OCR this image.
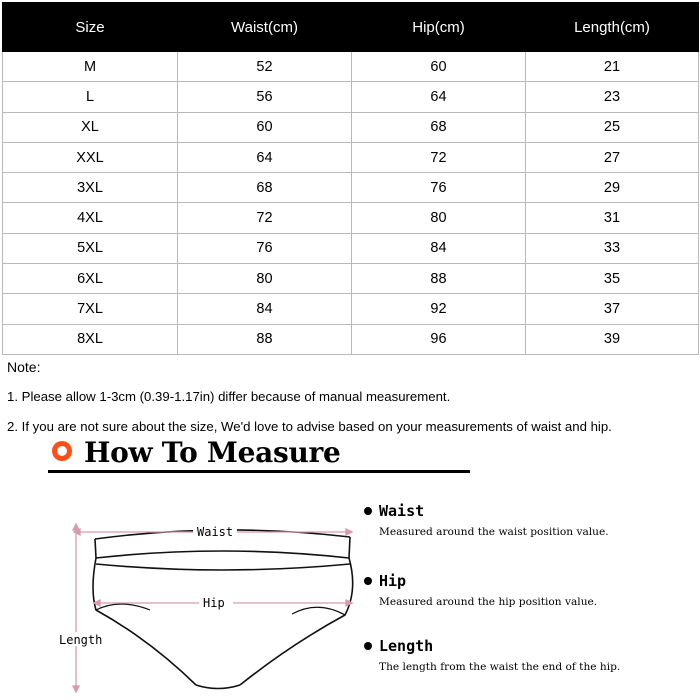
Size	Waist(cm)	Hip(cm)	Length(cm)
M	52	60	21
L	56	64	23
XL	60	68	25
XXL	64	72	27
3XL	68	76	29
4XL	72	80	31
5XL	76	84	33
6XL	80	88	35
7XL	84	92	37
8XL	88	96	39
Note:
1. Please allow 1-3cm (0.39-1.17in) differ because of manual measurement.
2. If you are not sure about the size, We'd love to advise based on your measurements of waist and hip.
How To Measure
Waist
Hip
Length
Waist
Measured around the waist position value.
Hip
Measured around the hip position value.
Length
The length from the waist the end of the hip.
